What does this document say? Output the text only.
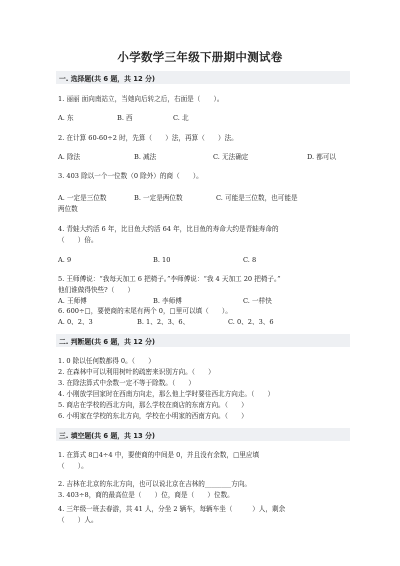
小学数学三年级下册期中测试卷
一. 选择题(共 6 题，共 12 分)
1. 丽丽 面向南站立，当她向后转之后，右面是（　　）。
A. 东	B. 西	C. 北
2. 在计算 60-60÷2 时，先算（　　）法，再算（　　）法。
A. 除法	B. 减法	C. 无法确定	D. 都可以
3. 403 除以一个一位数（0 除外）的商（　　）。
A. 一定是三位数	B. 一定是两位数	C. 可能是三位数，也可能是
两位数
4. 青蛙大约活 6 年，比目鱼大约活 64 年，比目鱼的寿命大约是青蛙寿命的
（　　）倍。
A. 9	B. 10	C. 8
5. 王师傅说：“我每天加工 6 把椅子。”李师傅说：“我 4 天加工 20 把椅子。”
他们谁做得快些?（　　）
A. 王师傅	B. 李师傅	C. 一样快
6. 600÷□，要使商的末尾有两个 0，□里可以填（　　）。
A. 0、2、3	B. 1、2、3、6、	C. 0、2、3、6
二. 判断题(共 6 题，共 12 分)
1. 0 除以任何数都得 0。（　　）
2. 在森林中可以利用树叶的疏密来识别方向。（　　）
3. 在除法算式中余数一定不等于除数。（　　）
4. 小刚放学回家时在西南方向走，那么他上学时要往西北方向走。（　　）
5. 商店在学校的西北方向，那么学校在商店的东南方向。（　　）
6. 小明家在学校的东北方向，学校在小明家的西南方向。（　　）
三. 填空题(共 6 题，共 13 分)
1. 在算式 8□4÷4 中，要使商的中间是 0，并且没有余数，□里应填
（　　）。
2. 吉林在北京的东北方向，也可以说北京在吉林的________方向。
3. 403÷8，商的最高位是（　　）位，商是（　　）位数。
4. 三年级一班去春游，共 41 人，分坐 2 辆车，每辆车坐（　　　）人，剩余
（　　）人。
